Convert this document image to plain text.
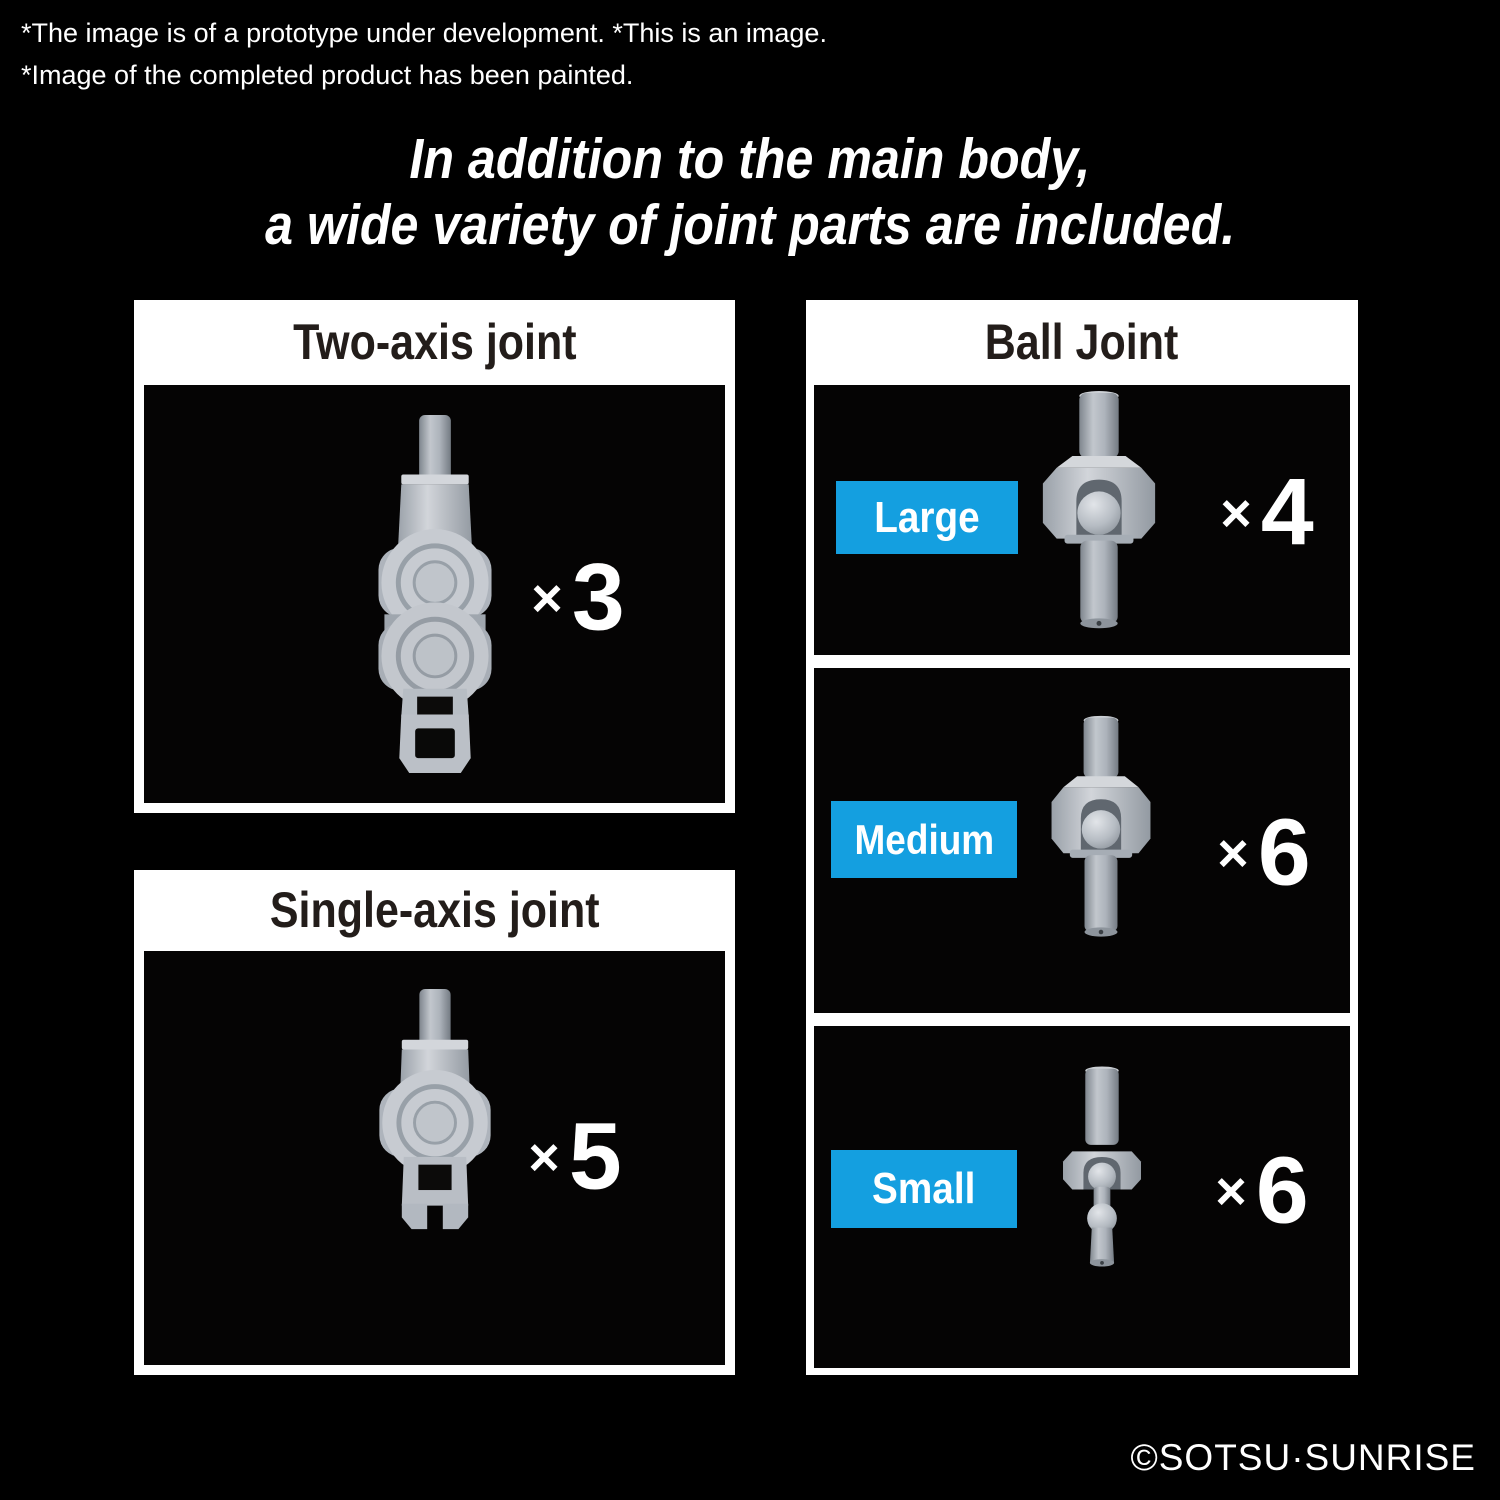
*The image is of a prototype under development. *This is an image.
*Image of the completed product has been painted.
In addition to the main body,
a wide variety of joint parts are included.
Two-axis joint
× 3
Single-axis joint
× 5
Ball Joint
Large	× 4
Medium	× 6
Small	× 6
©SOTSU·SUNRISE
